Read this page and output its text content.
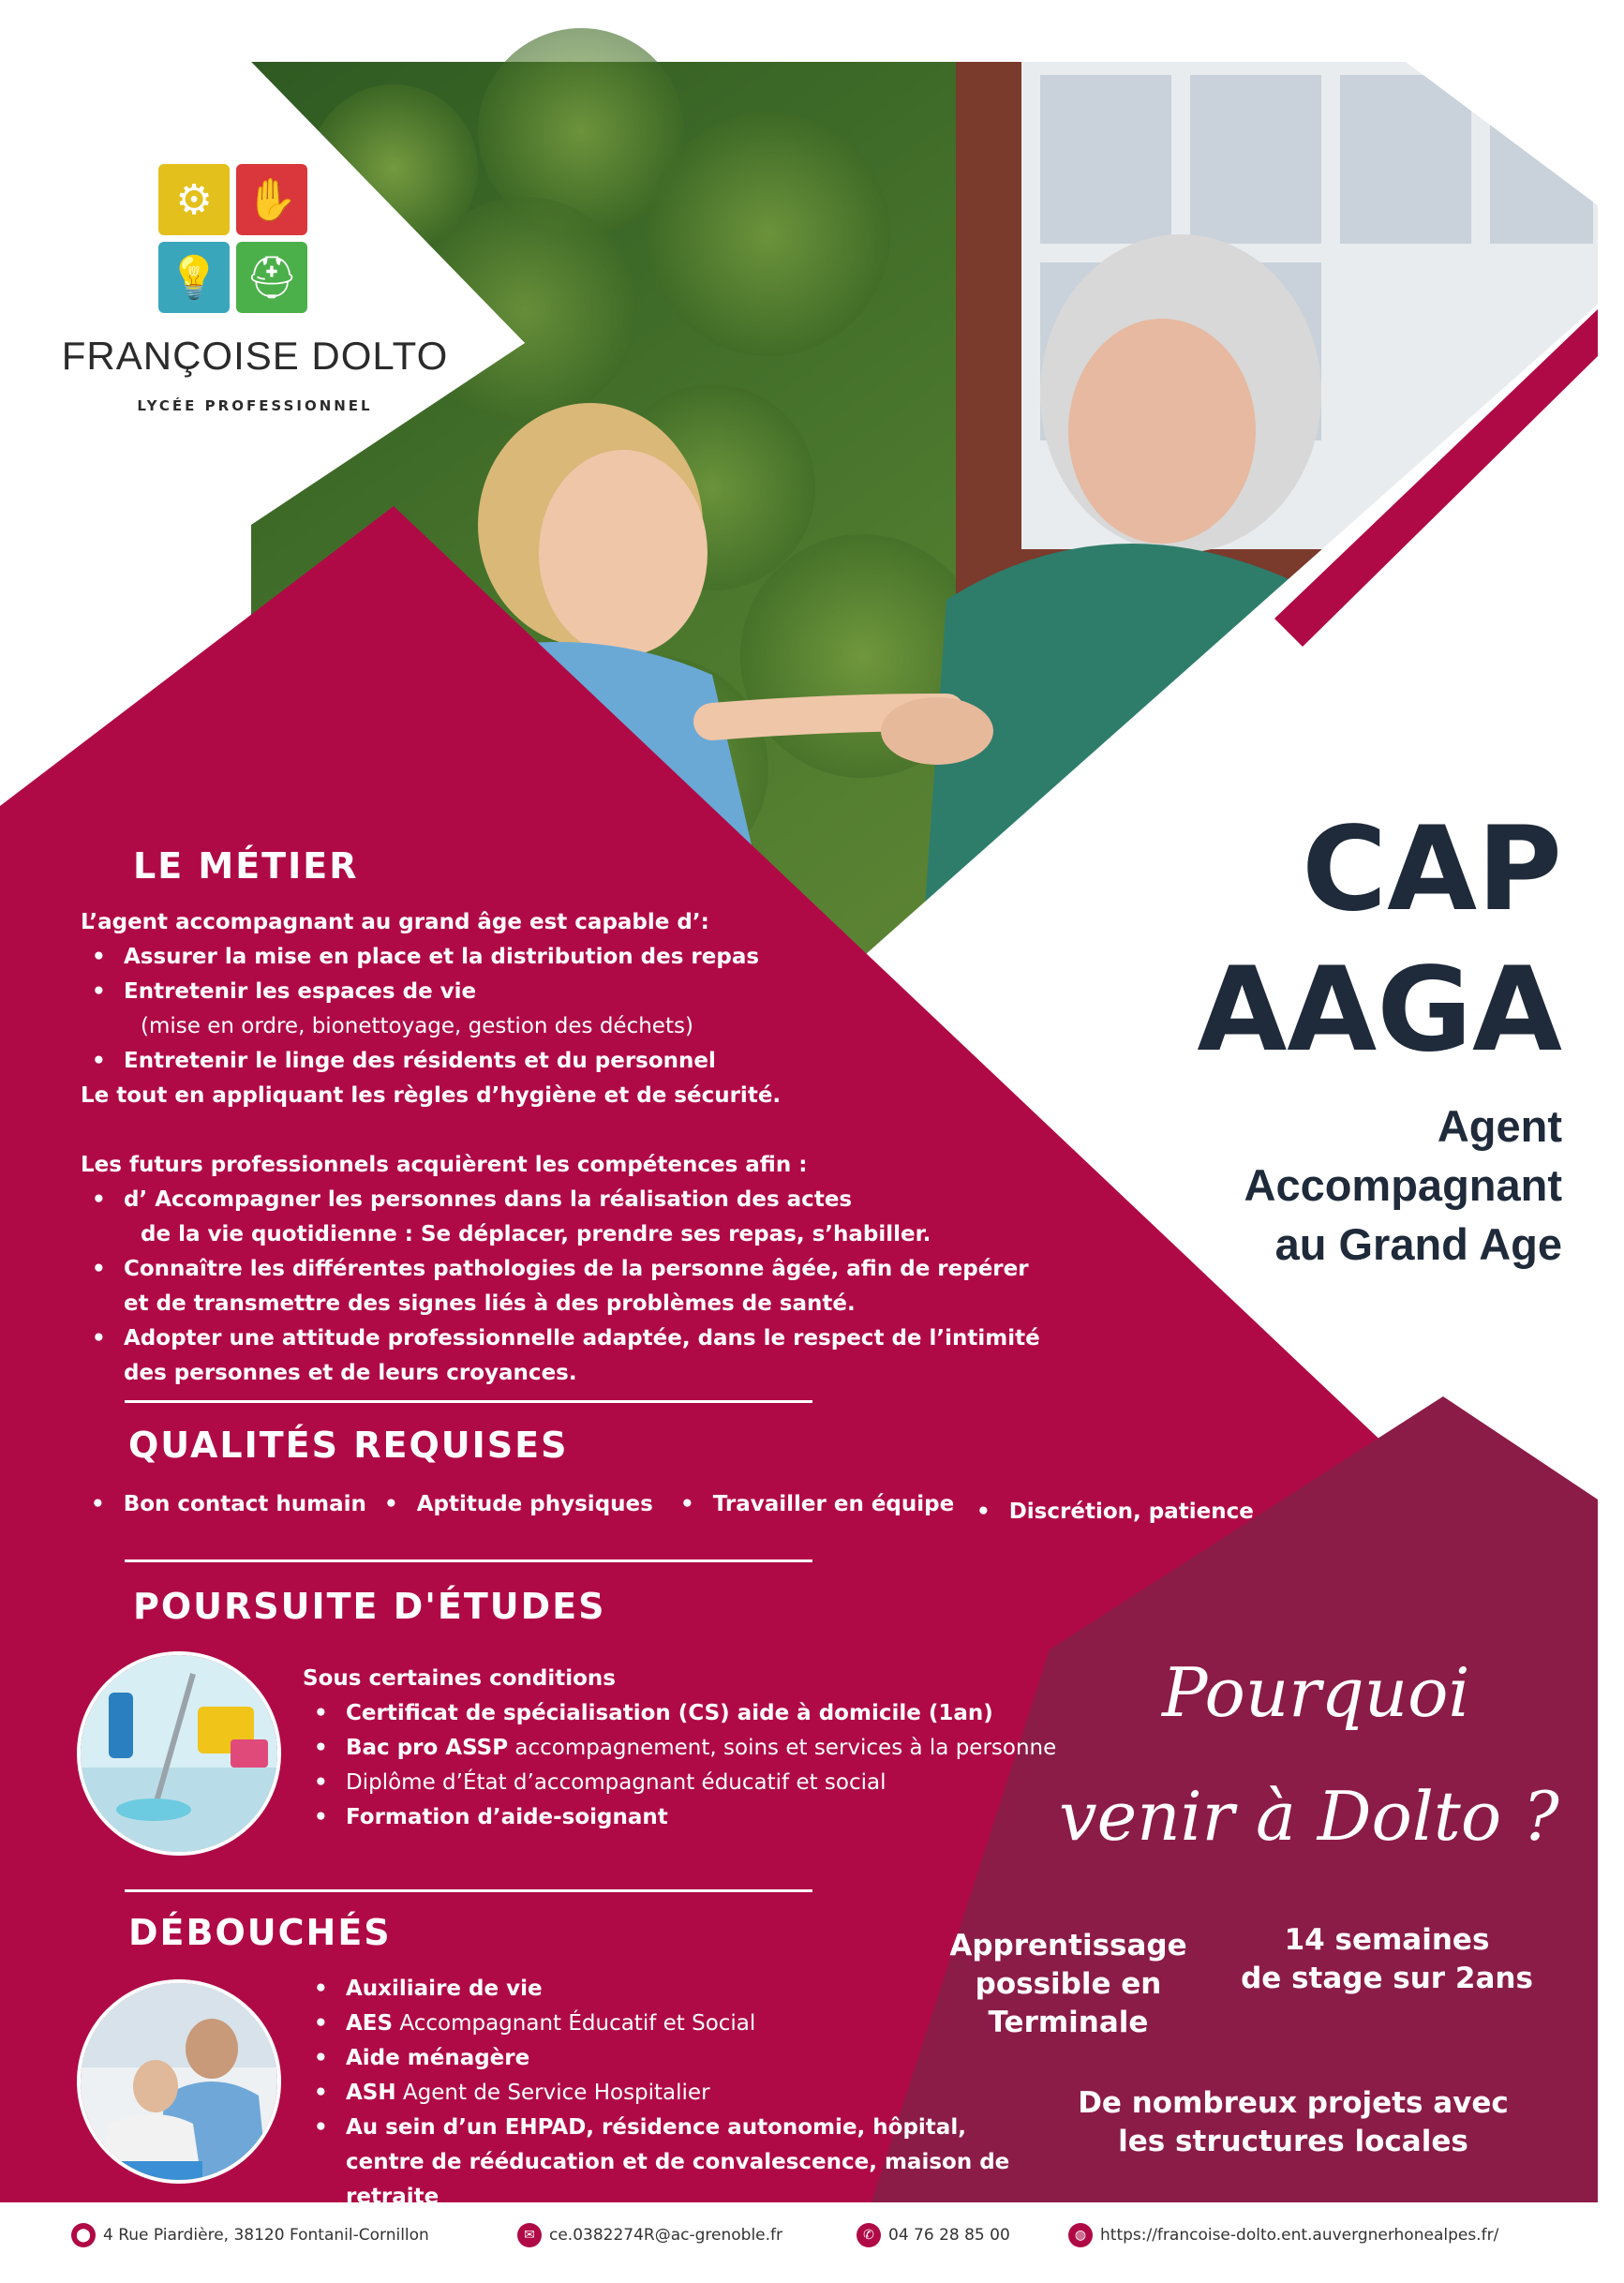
⚙ ✋
💡 ⛑
FRANÇOISE DOLTO
LYCÉE PROFESSIONNEL
CAP
AAGA
Agent
Accompagnant
au Grand Age
LE MÉTIER
L’agent accompagnant au grand âge est capable d’:
• Assurer la mise en place et la distribution des repas
• Entretenir les espaces de vie
(mise en ordre, bionettoyage, gestion des déchets)
• Entretenir le linge des résidents et du personnel
Le tout en appliquant les règles d’hygiène et de sécurité.
Les futurs professionnels acquièrent les compétences afin :
• d’ Accompagner les personnes dans la réalisation des actes
de la vie quotidienne : Se déplacer, prendre ses repas, s’habiller.
• Connaître les différentes pathologies de la personne âgée, afin de repérer
et de transmettre des signes liés à des problèmes de santé.
• Adopter une attitude professionnelle adaptée, dans le respect de l’intimité
des personnes et de leurs croyances.
QUALITÉS REQUISES
• Bon contact humain	• Aptitude physiques	• Travailler en équipe	• Discrétion, patience
POURSUITE D'ÉTUDES
Sous certaines conditions
• Certificat de spécialisation (CS) aide à domicile (1an)
• Bac pro ASSP accompagnement, soins et services à la personne
• Diplôme d’État d’accompagnant éducatif et social
• Formation d’aide-soignant
DÉBOUCHÉS
• Auxiliaire de vie
• AES Accompagnant Éducatif et Social
• Aide ménagère
• ASH Agent de Service Hospitalier
• Au sein d’un EHPAD, résidence autonomie, hôpital,
centre de rééducation et de convalescence, maison de
retraite
Pourquoi
venir à Dolto ?
Apprentissage
possible en
Terminale
14 semaines
de stage sur 2ans
De nombreux projets avec
les structures locales
⬤ 4 Rue Piardière, 38120 Fontanil-Cornillon	✉ ce.0382274R@ac-grenoble.fr	✆ 04 76 28 85 00	◍ https://francoise-dolto.ent.auvergnerhonealpes.fr/
